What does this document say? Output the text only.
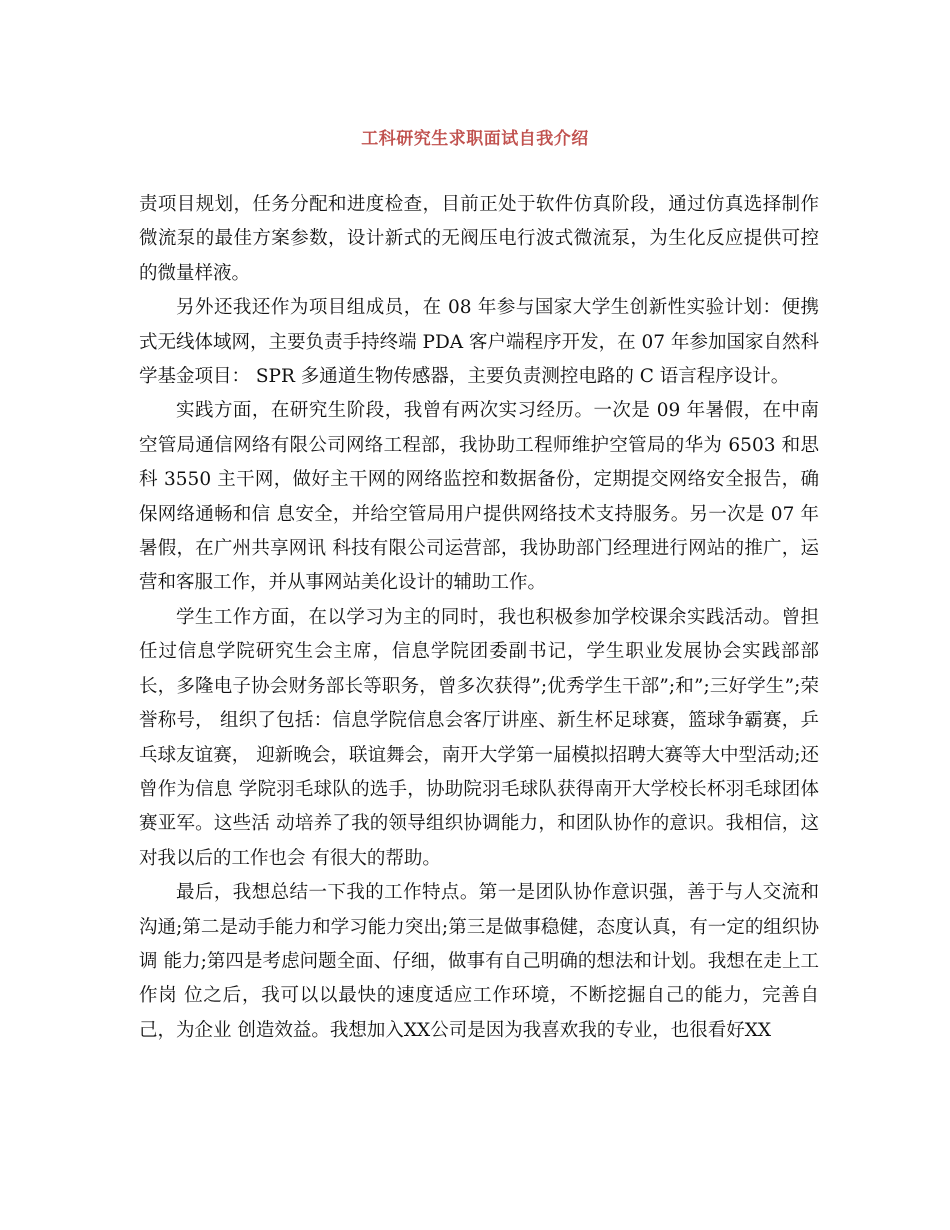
工科研究生求职面试自我介绍

责项目规划，任务分配和进度检查，目前正处于软件仿真阶段，通过仿真选择制作微流泵的最佳方案参数，设计新式的无阀压电行波式微流泵，为生化反应提供可控的微量样液。

另外还我还作为项目组成员，在 08 年参与国家大学生创新性实验计划：便携式无线体域网，主要负责手持终端 PDA 客户端程序开发，在 07 年参加国家自然科学基金项目： SPR 多通道生物传感器，主要负责测控电路的 C 语言程序设计。

实践方面，在研究生阶段，我曾有两次实习经历。一次是 09 年暑假，在中南空管局通信网络有限公司网络工程部，我协助工程师维护空管局的华为 6503 和思科 3550 主干网，做好主干网的网络监控和数据备份，定期提交网络安全报告，确保网络通畅和信 息安全，并给空管局用户提供网络技术支持服务。另一次是 07 年暑假，在广州共享网讯 科技有限公司运营部，我协助部门经理进行网站的推广，运营和客服工作，并从事网站美化设计的辅助工作。

学生工作方面，在以学习为主的同时，我也积极参加学校课余实践活动。曾担任过信息学院研究生会主席，信息学院团委副书记，学生职业发展协会实践部部长，多隆电子协会财务部长等职务，曾多次获得”;优秀学生干部”;和”;三好学生”;荣誉称号， 组织了包括：信息学院信息会客厅讲座、新生杯足球赛，篮球争霸赛，乒乓球友谊赛， 迎新晚会，联谊舞会，南开大学第一届模拟招聘大赛等大中型活动;还曾作为信息 学院羽毛球队的选手，协助院羽毛球队获得南开大学校长杯羽毛球团体赛亚军。这些活 动培养了我的领导组织协调能力，和团队协作的意识。我相信，这对我以后的工作也会 有很大的帮助。

最后，我想总结一下我的工作特点。第一是团队协作意识强，善于与人交流和沟通;第二是动手能力和学习能力突出;第三是做事稳健，态度认真，有一定的组织协调 能力;第四是考虑问题全面、仔细，做事有自己明确的想法和计划。我想在走上工作岗 位之后，我可以以最快的速度适应工作环境，不断挖掘自己的能力，完善自己，为企业 创造效益。我想加入XX公司是因为我喜欢我的专业，也很看好XX
